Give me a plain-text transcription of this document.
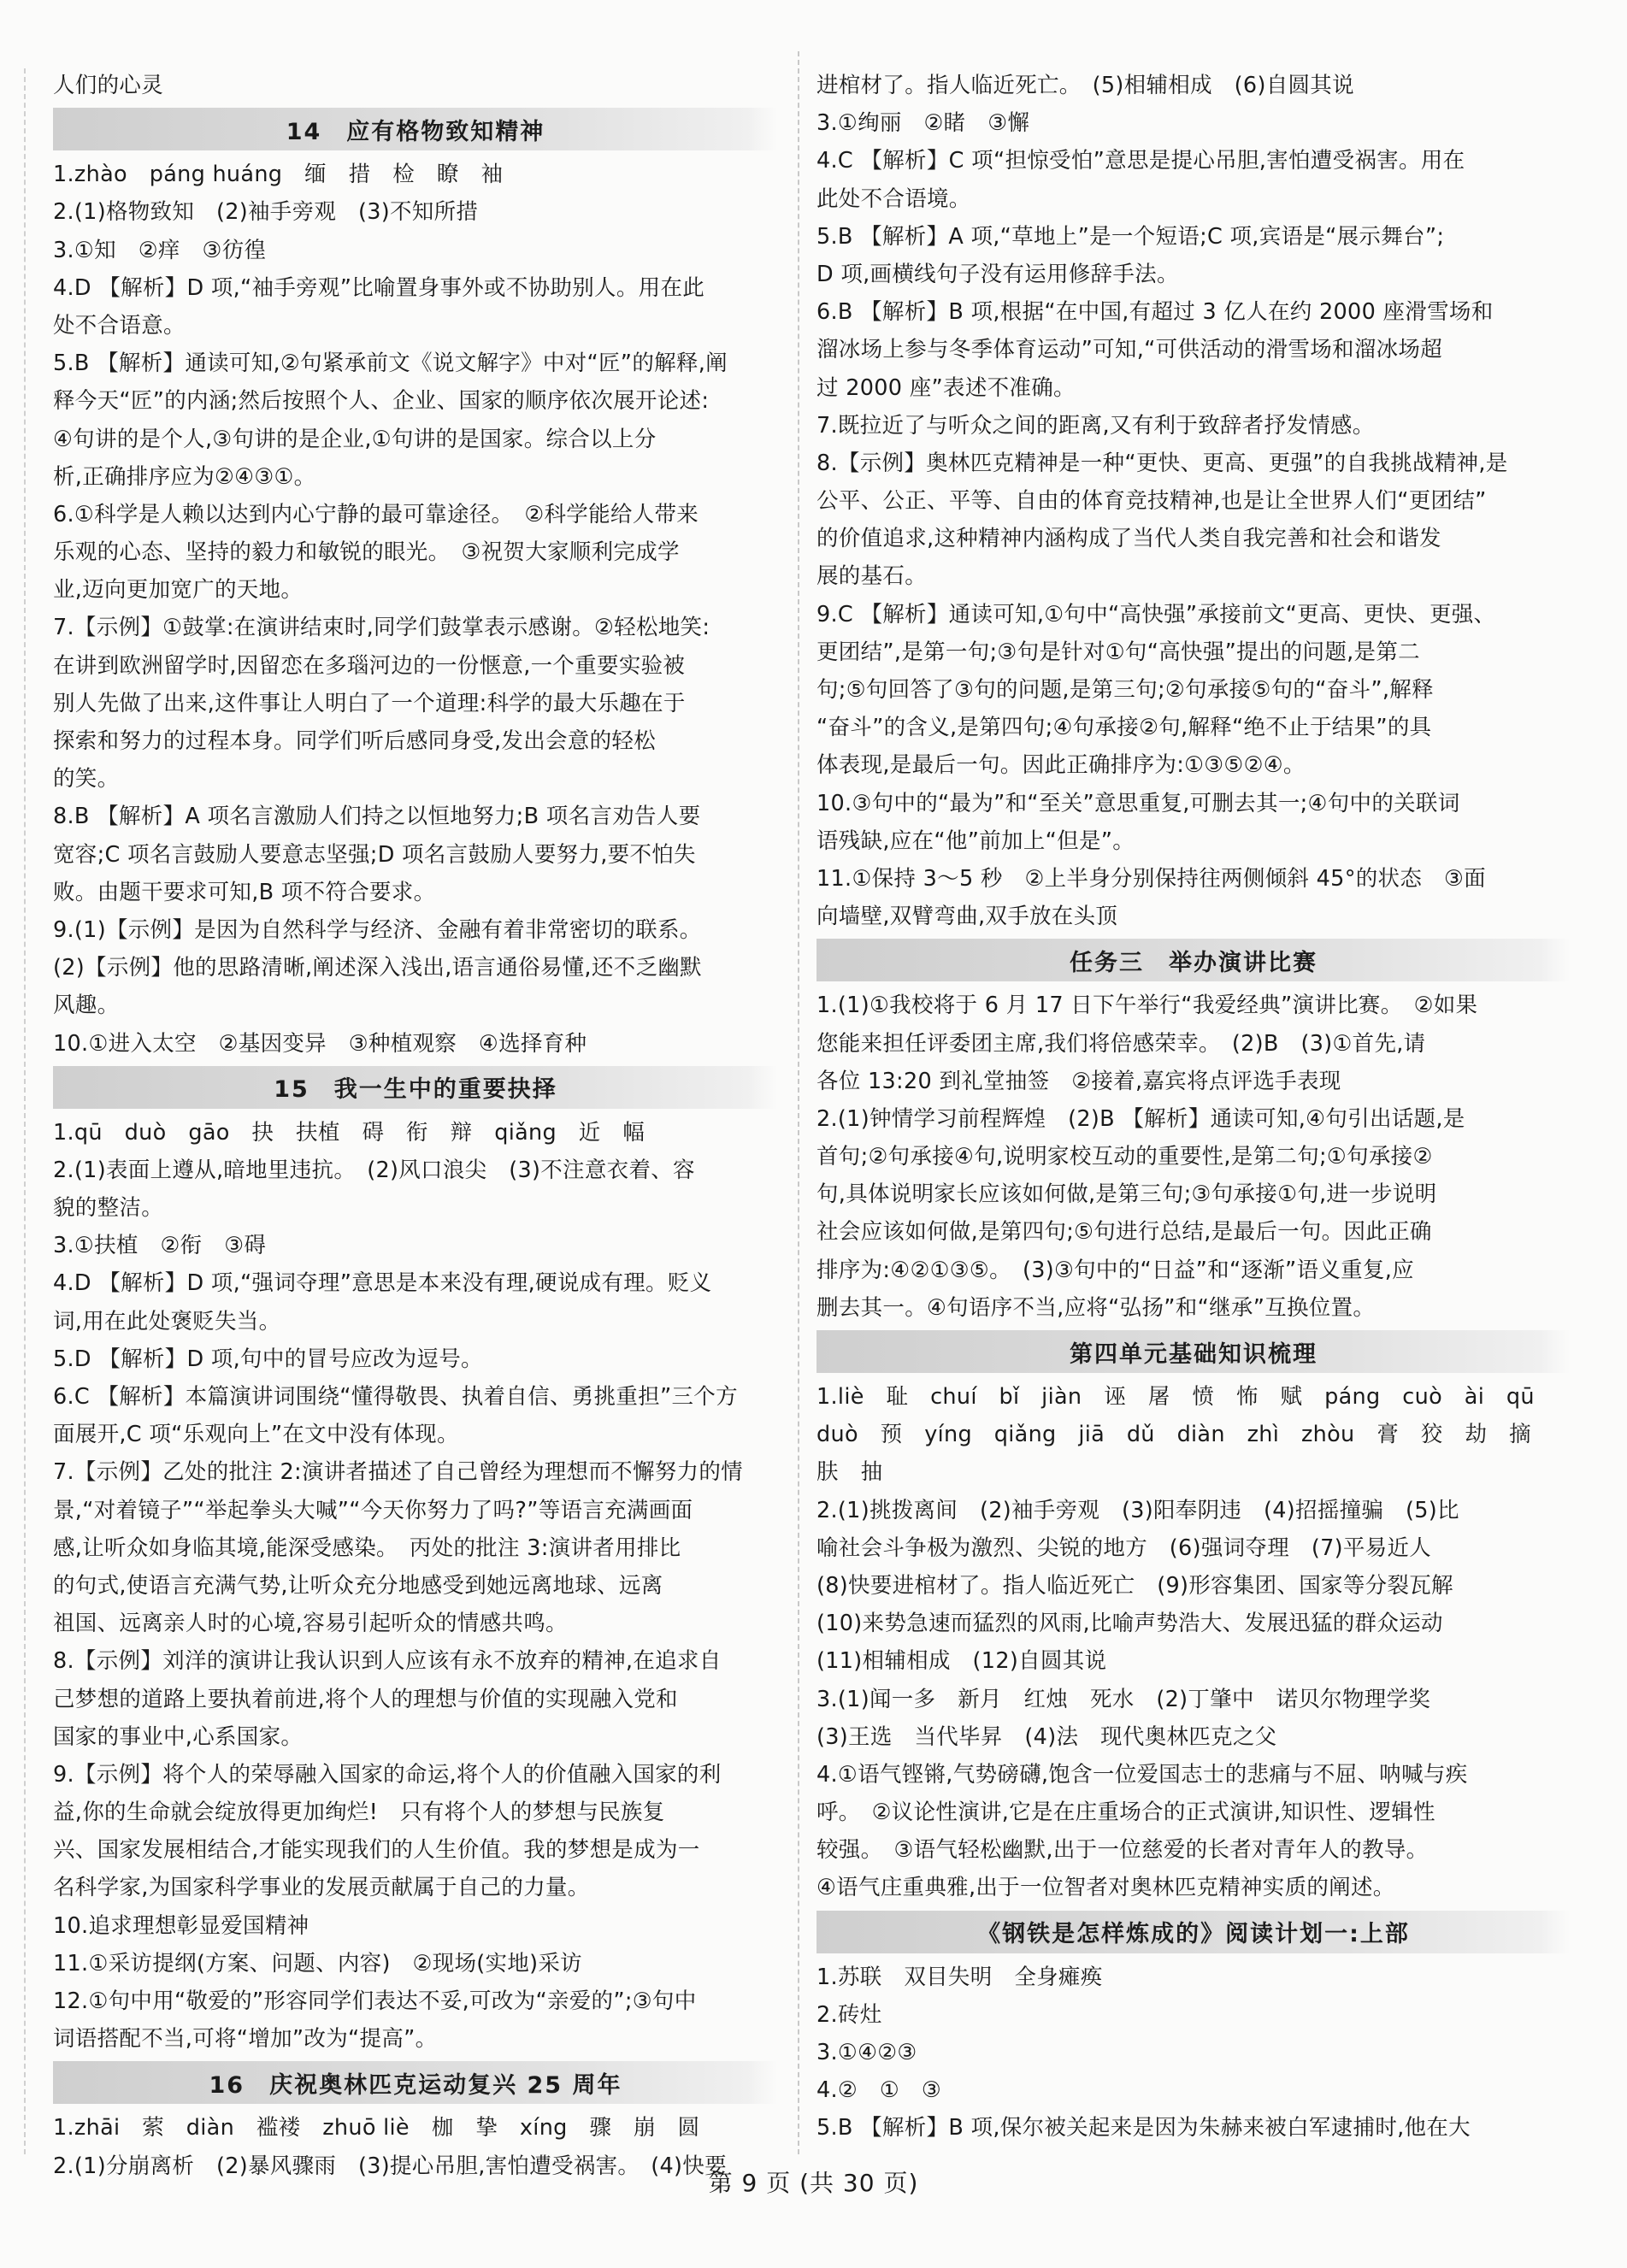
人们的心灵
14　应有格物致知精神
1.zhào　páng huáng　缅　措　检　瞭　袖
2.(1)格物致知　(2)袖手旁观　(3)不知所措
3.①知　②痒　③彷徨
4.D 【解析】D 项,“袖手旁观”比喻置身事外或不协助别人。用在此
处不合语意。
5.B 【解析】通读可知,②句紧承前文《说文解字》中对“匠”的解释,阐
释今天“匠”的内涵;然后按照个人、企业、国家的顺序依次展开论述:
④句讲的是个人,③句讲的是企业,①句讲的是国家。综合以上分
析,正确排序应为②④③①。
6.①科学是人赖以达到内心宁静的最可靠途径。　②科学能给人带来
乐观的心态、坚持的毅力和敏锐的眼光。　③祝贺大家顺利完成学
业,迈向更加宽广的天地。
7.【示例】①鼓掌:在演讲结束时,同学们鼓掌表示感谢。②轻松地笑:
在讲到欧洲留学时,因留恋在多瑙河边的一份惬意,一个重要实验被
别人先做了出来,这件事让人明白了一个道理:科学的最大乐趣在于
探索和努力的过程本身。同学们听后感同身受,发出会意的轻松
的笑。
8.B 【解析】A 项名言激励人们持之以恒地努力;B 项名言劝告人要
宽容;C 项名言鼓励人要意志坚强;D 项名言鼓励人要努力,要不怕失
败。由题干要求可知,B 项不符合要求。
9.(1)【示例】是因为自然科学与经济、金融有着非常密切的联系。
(2)【示例】他的思路清晰,阐述深入浅出,语言通俗易懂,还不乏幽默
风趣。
10.①进入太空　②基因变异　③种植观察　④选择育种
15　我一生中的重要抉择
1.qū　duò　gāo　抉　扶植　碍　衔　辩　qiǎng　近　幅
2.(1)表面上遵从,暗地里违抗。　(2)风口浪尖　(3)不注意衣着、容
貌的整洁。
3.①扶植　②衔　③碍
4.D 【解析】D 项,“强词夺理”意思是本来没有理,硬说成有理。贬义
词,用在此处褒贬失当。
5.D 【解析】D 项,句中的冒号应改为逗号。
6.C 【解析】本篇演讲词围绕“懂得敬畏、执着自信、勇挑重担”三个方
面展开,C 项“乐观向上”在文中没有体现。
7.【示例】乙处的批注 2:演讲者描述了自己曾经为理想而不懈努力的情
景,“对着镜子”“举起拳头大喊”“今天你努力了吗?”等语言充满画面
感,让听众如身临其境,能深受感染。　丙处的批注 3:演讲者用排比
的句式,使语言充满气势,让听众充分地感受到她远离地球、远离
祖国、远离亲人时的心境,容易引起听众的情感共鸣。
8.【示例】刘洋的演讲让我认识到人应该有永不放弃的精神,在追求自
己梦想的道路上要执着前进,将个人的理想与价值的实现融入党和
国家的事业中,心系国家。
9.【示例】将个人的荣辱融入国家的命运,将个人的价值融入国家的利
益,你的生命就会绽放得更加绚烂!　只有将个人的梦想与民族复
兴、国家发展相结合,才能实现我们的人生价值。我的梦想是成为一
名科学家,为国家科学事业的发展贡献属于自己的力量。
10.追求理想彰显爱国精神
11.①采访提纲(方案、问题、内容)　②现场(实地)采访
12.①句中用“敬爱的”形容同学们表达不妥,可改为“亲爱的”;③句中
词语搭配不当,可将“增加”改为“提高”。
16　庆祝奥林匹克运动复兴 25 周年
1.zhāi　萦　diàn　褴褛　zhuō liè　枷　挚　xíng　骤　崩　圆
2.(1)分崩离析　(2)暴风骤雨　(3)提心吊胆,害怕遭受祸害。　(4)快要
进棺材了。指人临近死亡。　(5)相辅相成　(6)自圆其说
3.①绚丽　②睹　③懈
4.C 【解析】C 项“担惊受怕”意思是提心吊胆,害怕遭受祸害。用在
此处不合语境。
5.B 【解析】A 项,“草地上”是一个短语;C 项,宾语是“展示舞台”;
D 项,画横线句子没有运用修辞手法。
6.B 【解析】B 项,根据“在中国,有超过 3 亿人在约 2000 座滑雪场和
溜冰场上参与冬季体育运动”可知,“可供活动的滑雪场和溜冰场超
过 2000 座”表述不准确。
7.既拉近了与听众之间的距离,又有利于致辞者抒发情感。
8.【示例】奥林匹克精神是一种“更快、更高、更强”的自我挑战精神,是
公平、公正、平等、自由的体育竞技精神,也是让全世界人们“更团结”
的价值追求,这种精神内涵构成了当代人类自我完善和社会和谐发
展的基石。
9.C 【解析】通读可知,①句中“高快强”承接前文“更高、更快、更强、
更团结”,是第一句;③句是针对①句“高快强”提出的问题,是第二
句;⑤句回答了③句的问题,是第三句;②句承接⑤句的“奋斗”,解释
“奋斗”的含义,是第四句;④句承接②句,解释“绝不止于结果”的具
体表现,是最后一句。因此正确排序为:①③⑤②④。
10.③句中的“最为”和“至关”意思重复,可删去其一;④句中的关联词
语残缺,应在“他”前加上“但是”。
11.①保持 3～5 秒　②上半身分别保持往两侧倾斜 45°的状态　③面
向墙壁,双臂弯曲,双手放在头顶
任务三　举办演讲比赛
1.(1)①我校将于 6 月 17 日下午举行“我爱经典”演讲比赛。　②如果
您能来担任评委团主席,我们将倍感荣幸。　(2)B　(3)①首先,请
各位 13:20 到礼堂抽签　②接着,嘉宾将点评选手表现
2.(1)钟情学习前程辉煌　(2)B 【解析】通读可知,④句引出话题,是
首句;②句承接④句,说明家校互动的重要性,是第二句;①句承接②
句,具体说明家长应该如何做,是第三句;③句承接①句,进一步说明
社会应该如何做,是第四句;⑤句进行总结,是最后一句。因此正确
排序为:④②①③⑤。　(3)③句中的“日益”和“逐渐”语义重复,应
删去其一。④句语序不当,应将“弘扬”和“继承”互换位置。
第四单元基础知识梳理
1.liè　耻　chuí　bǐ　jiàn　诬　屠　愤　怖　赋　páng　cuò　ài　qū
duò　预　yíng　qiǎng　jiā　dǔ　diàn　zhì　zhòu　膏　狡　劫　摘
肤　抽
2.(1)挑拨离间　(2)袖手旁观　(3)阳奉阴违　(4)招摇撞骗　(5)比
喻社会斗争极为激烈、尖锐的地方　(6)强词夺理　(7)平易近人
(8)快要进棺材了。指人临近死亡　(9)形容集团、国家等分裂瓦解
(10)来势急速而猛烈的风雨,比喻声势浩大、发展迅猛的群众运动
(11)相辅相成　(12)自圆其说
3.(1)闻一多　新月　红烛　死水　(2)丁肇中　诺贝尔物理学奖
(3)王选　当代毕昇　(4)法　现代奥林匹克之父
4.①语气铿锵,气势磅礴,饱含一位爱国志士的悲痛与不屈、呐喊与疾
呼。　②议论性演讲,它是在庄重场合的正式演讲,知识性、逻辑性
较强。　③语气轻松幽默,出于一位慈爱的长者对青年人的教导。
④语气庄重典雅,出于一位智者对奥林匹克精神实质的阐述。
《钢铁是怎样炼成的》阅读计划一:上部
1.苏联　双目失明　全身瘫痪
2.砖灶
3.①④②③
4.②　①　③
5.B 【解析】B 项,保尔被关起来是因为朱赫来被白军逮捕时,他在大
第 9 页 (共 30 页)
